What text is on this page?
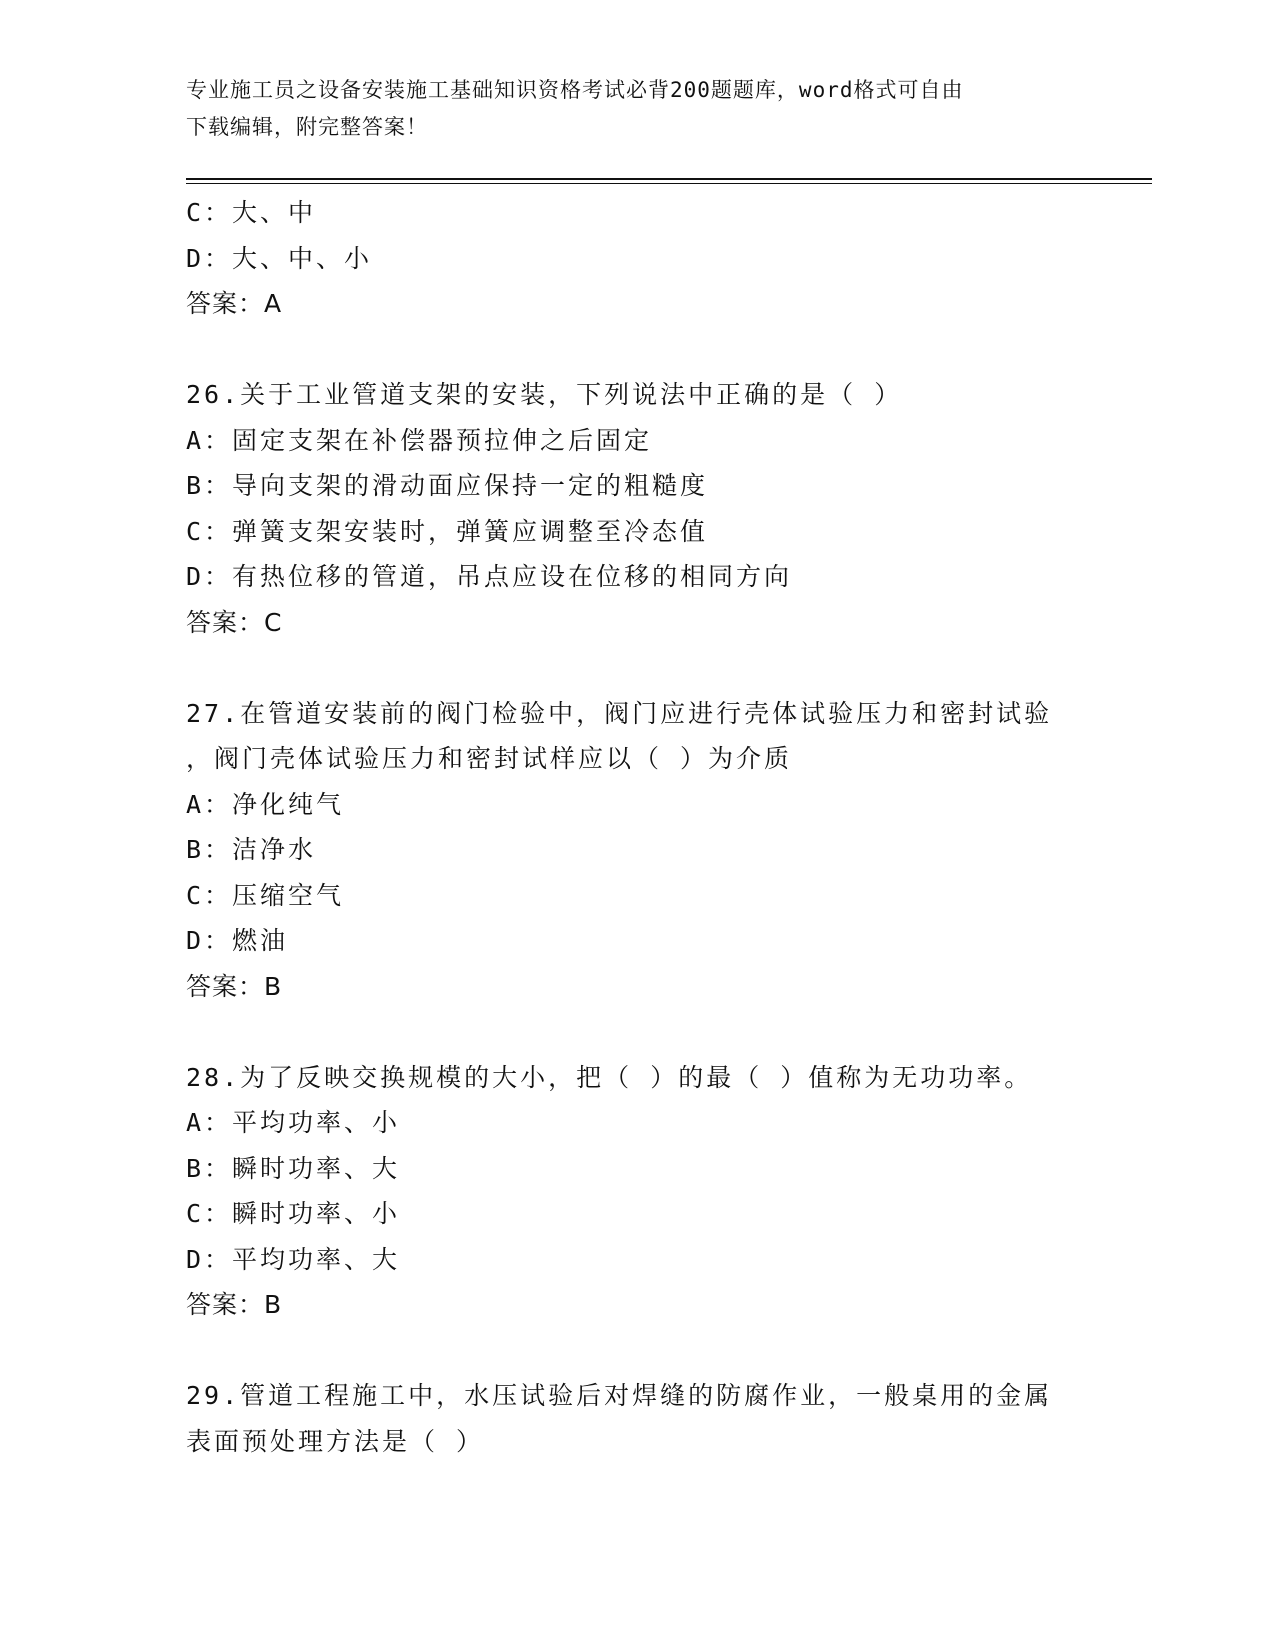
专业施工员之设备安装施工基础知识资格考试必背200题题库，word格式可自由
下载编辑，附完整答案！
C：大、中
D：大、中、小
答案：A
26.关于工业管道支架的安装，下列说法中正确的是（ ）
A：固定支架在补偿器预拉伸之后固定
B：导向支架的滑动面应保持一定的粗糙度
C：弹簧支架安装时，弹簧应调整至冷态值
D：有热位移的管道，吊点应设在位移的相同方向
答案：C
27.在管道安装前的阀门检验中，阀门应进行壳体试验压力和密封试验
，阀门壳体试验压力和密封试样应以（ ）为介质
A：净化纯气
B：洁净水
C：压缩空气
D：燃油
答案：B
28.为了反映交换规模的大小，把（ ）的最（ ）值称为无功功率。
A：平均功率、小
B：瞬时功率、大
C：瞬时功率、小
D：平均功率、大
答案：B
29.管道工程施工中，水压试验后对焊缝的防腐作业，一般桌用的金属
表面预处理方法是（ ）
